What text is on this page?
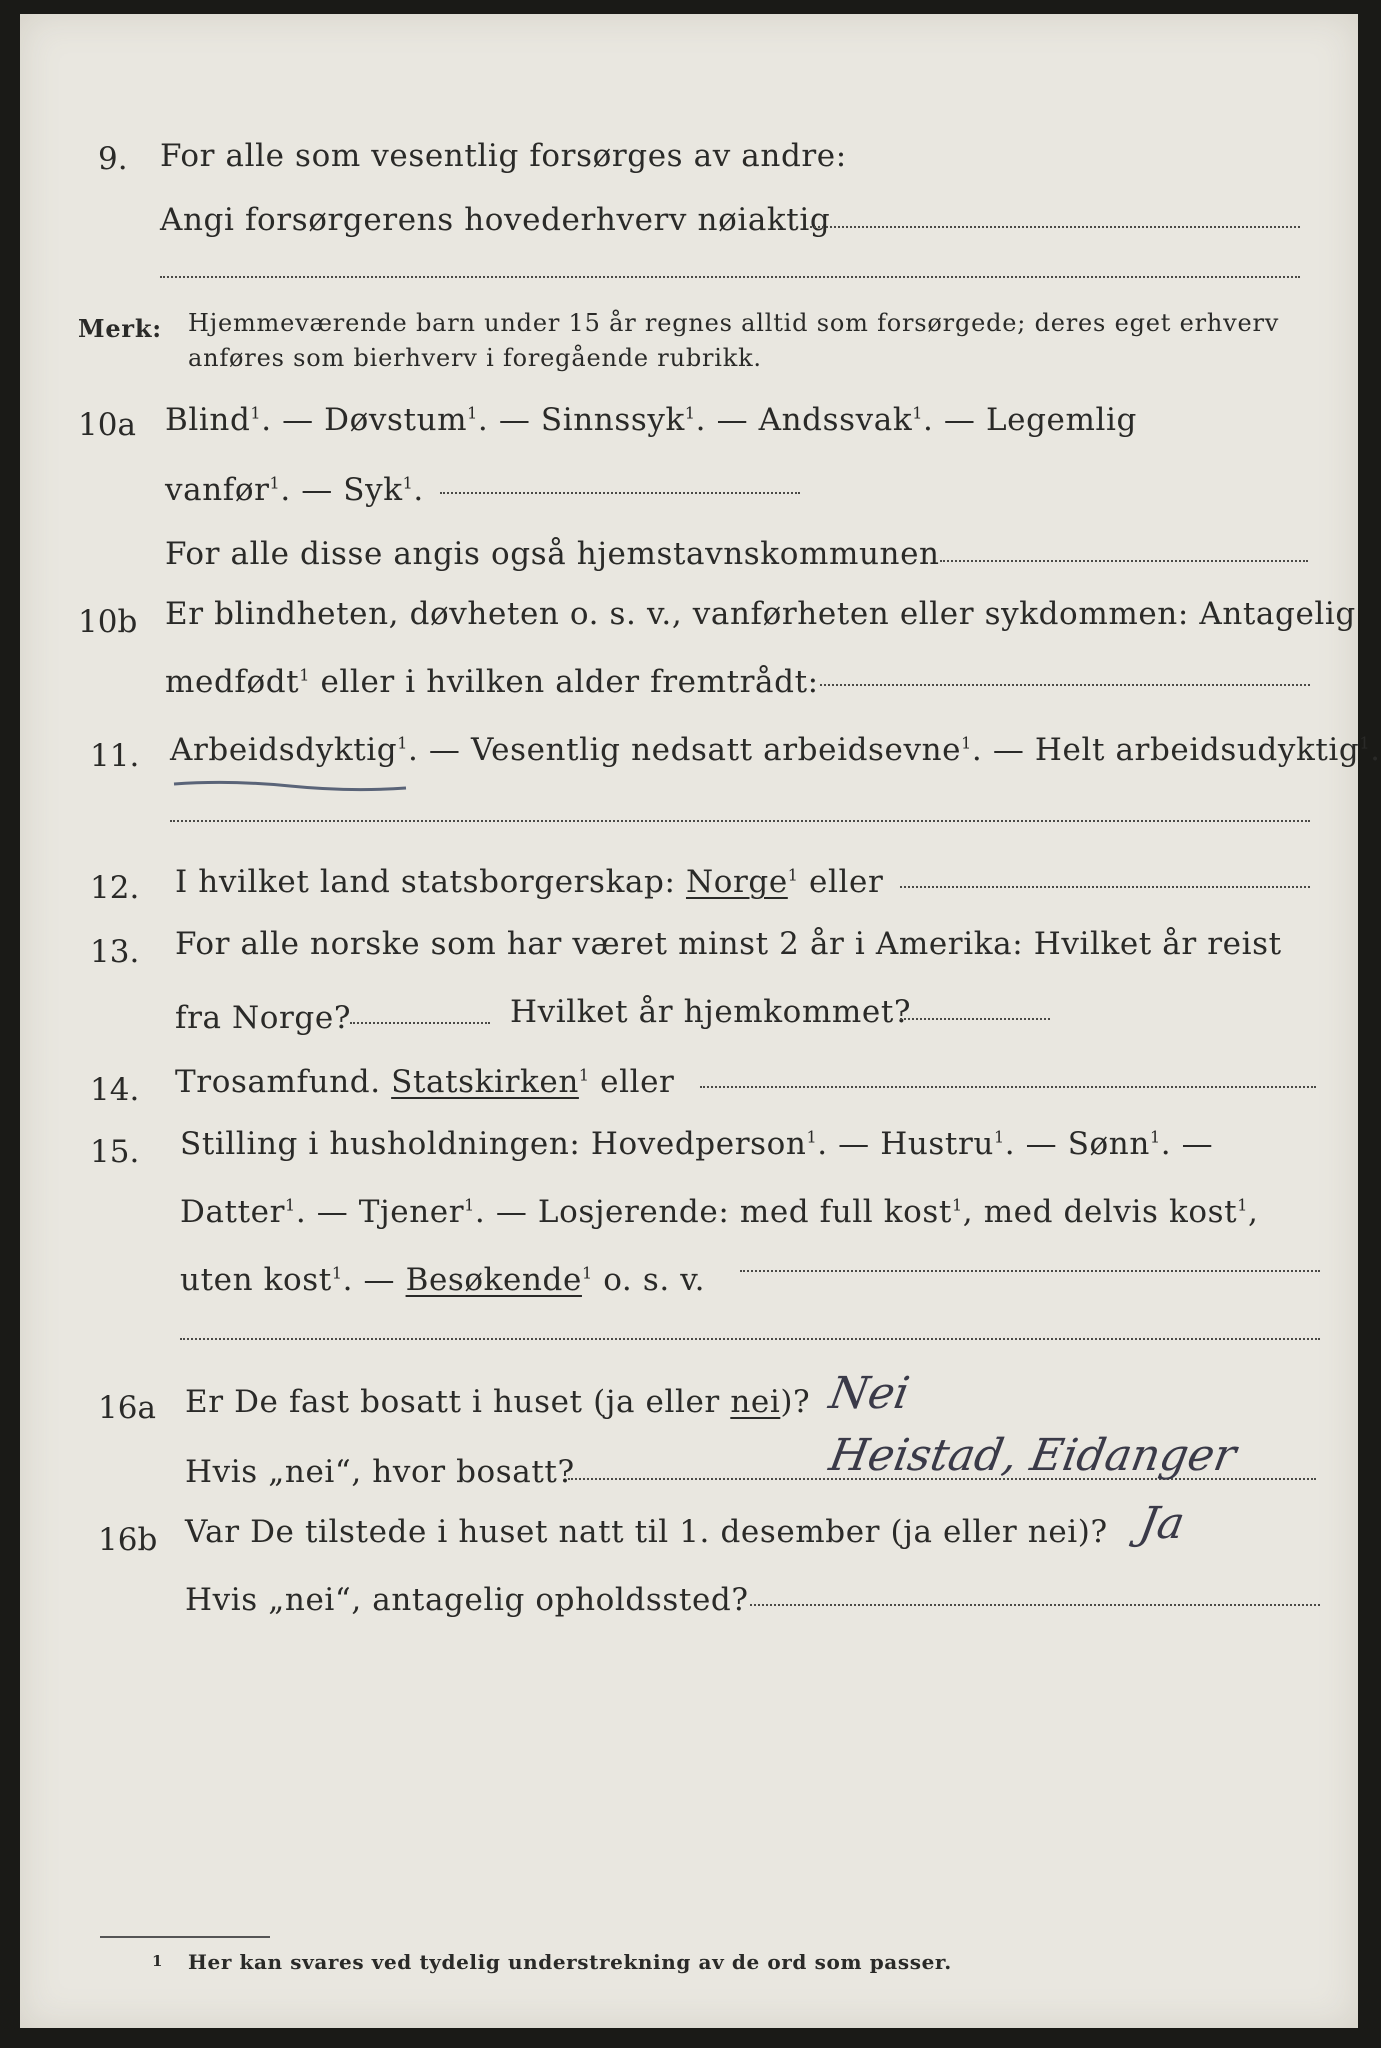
9. For alle som vesentlig forsørges av andre:
Angi forsørgerens hovederhverv nøiaktig
Merk: Hjemmeværende barn under 15 år regnes alltid som forsørgede; deres eget erhverv
anføres som bierhverv i foregående rubrikk.
10a Blind$^1$. — Døvstum$^1$. — Sinnssyk$^1$. — Andssvak$^1$. — Legemlig
vanfør$^1$. — Syk$^1$.
For alle disse angis også hjemstavnskommunen
10b Er blindheten, døvheten o. s. v., vanførheten eller sykdommen: Antagelig
medfødt$^1$ eller i hvilken alder fremtrådt:
11. Arbeidsdyktig$^1$. — Vesentlig nedsatt arbeidsevne$^1$. — Helt arbeidsudyktig$^1$.
12. I hvilket land statsborgerskap: Norge$^1$ eller
13. For alle norske som har været minst 2 år i Amerika: Hvilket år reist
fra Norge?	Hvilket år hjemkommet?
14. Trosamfund. Statskirken$^1$ eller
15. Stilling i husholdningen: Hovedperson$^1$. — Hustru$^1$. — Sønn$^1$. —
Datter$^1$. — Tjener$^1$. — Losjerende: med full kost$^1$, med delvis kost$^1$,
uten kost$^1$. — Besøkende$^1$ o. s. v.
16a Er De fast bosatt i huset (ja eller nei)? Nei
Hvis „nei“, hvor bosatt?	Heistad, Eidanger
16b Var De tilstede i huset natt til 1. desember (ja eller nei)? Ja
Hvis „nei“, antagelig opholdssted?
1 Her kan svares ved tydelig understrekning av de ord som passer.
